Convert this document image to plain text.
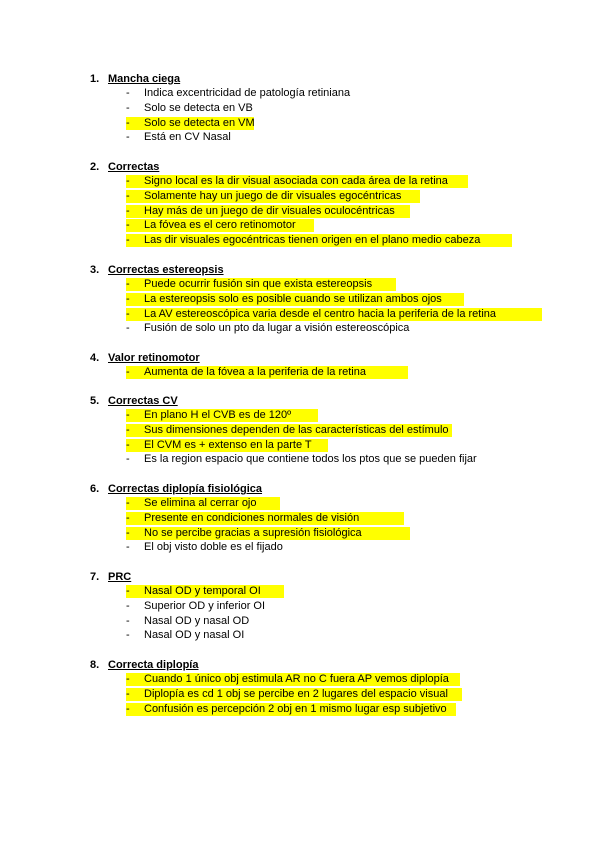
1. Mancha ciega
-	Indica excentricidad de patología retiniana
-	Solo se detecta en VB
-	Solo se detecta en VM
-	Está en CV Nasal
2. Correctas
-	Signo local es la dir visual asociada con cada área de la retina
-	Solamente hay un juego de dir visuales egocéntricas
-	Hay más de un juego de dir visuales oculocéntricas
-	La fóvea es el cero retinomotor
-	Las dir visuales egocéntricas tienen origen en el plano medio cabeza
3. Correctas estereopsis
-	Puede ocurrir fusión sin que exista estereopsis
-	La estereopsis solo es posible cuando se utilizan ambos ojos
-	La AV estereoscópica varia desde el centro hacia la periferia de la retina
-	Fusión de solo un pto da lugar a visión estereoscópica
4. Valor retinomotor
-	Aumenta de la fóvea a la periferia de la retina
5. Correctas CV
-	En plano H el CVB es de 120º
-	Sus dimensiones dependen de las características del estímulo
-	El CVM es + extenso en la parte T
-	Es la region espacio que contiene todos los ptos que se pueden fijar
6. Correctas diplopía fisiológica
-	Se elimina al cerrar ojo
-	Presente en condiciones normales de visión
-	No se percibe gracias a supresión fisiológica
-	El obj visto doble es el fijado
7. PRC
-	Nasal OD y temporal OI
-	Superior OD y inferior OI
-	Nasal OD y nasal OD
-	Nasal OD y nasal OI
8. Correcta diplopía
-	Cuando 1 único obj estimula AR no C fuera AP vemos diplopía
-	Diplopía es cd 1 obj se percibe en 2 lugares del espacio visual
-	Confusión es percepción 2 obj en 1 mismo lugar esp subjetivo
